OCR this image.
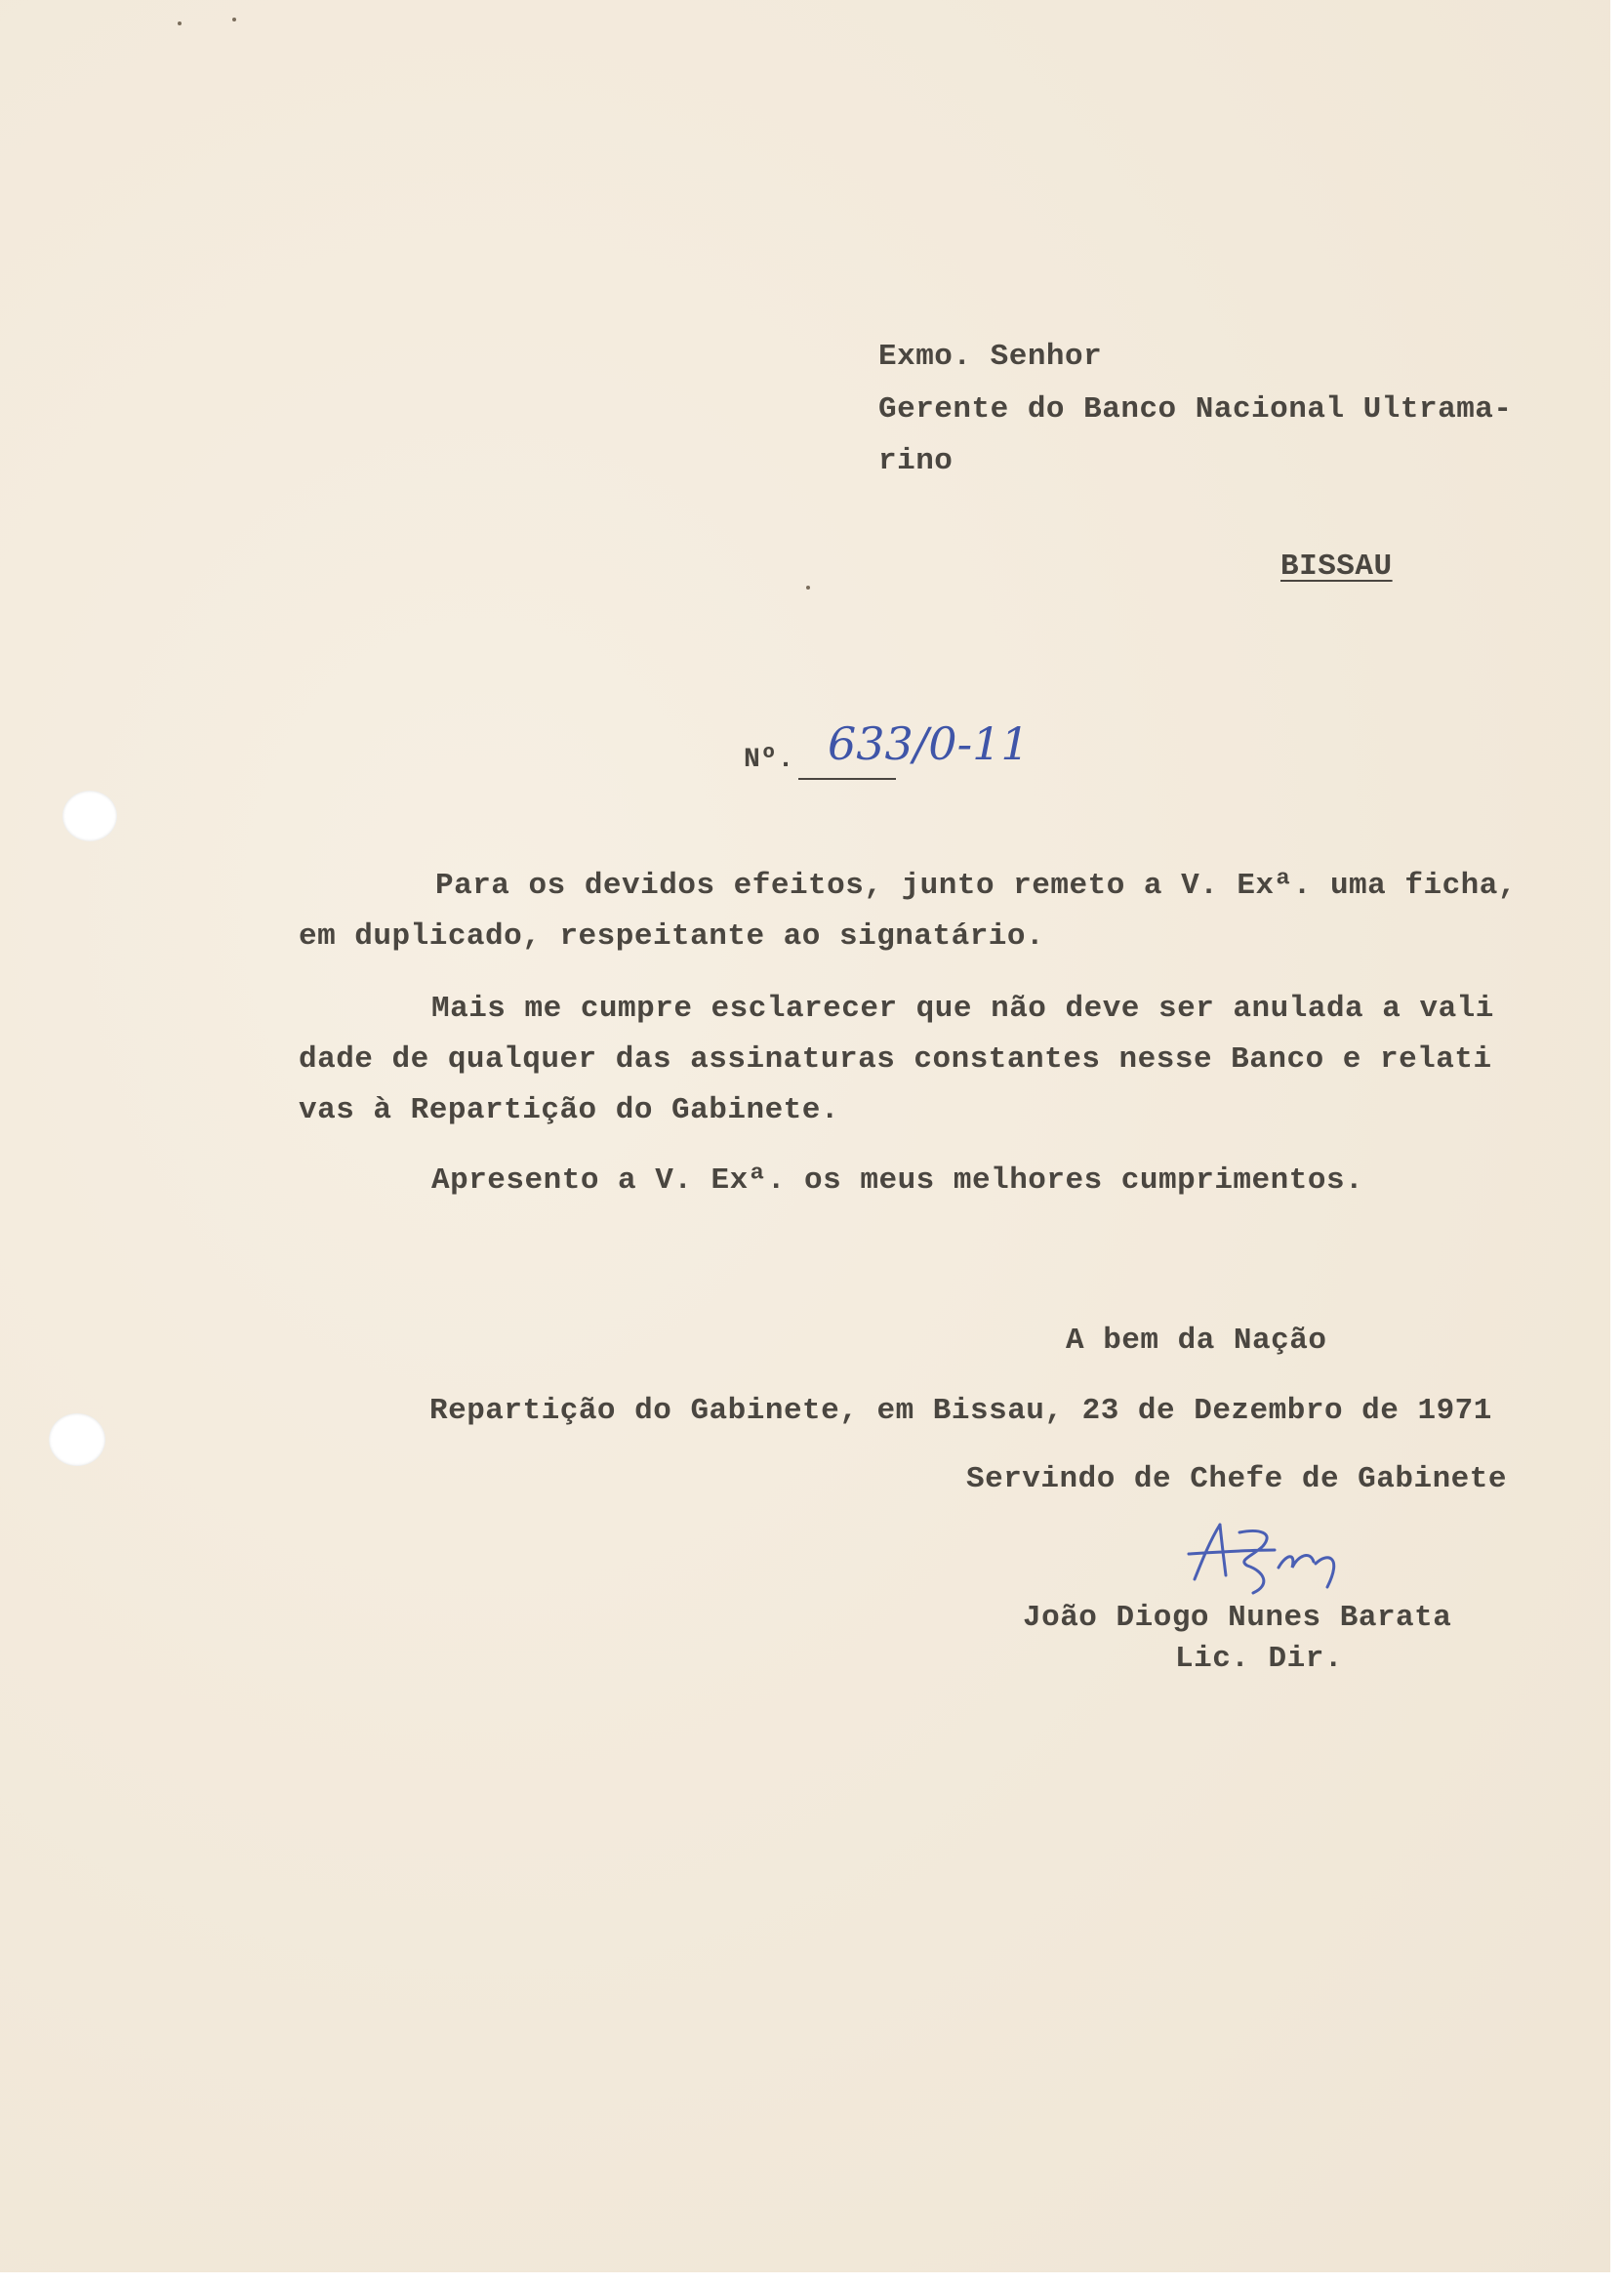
Exmo. Senhor
Gerente do Banco Nacional Ultrama-
rino
BISSAU
Nº. 633/0-11
Para os devidos efeitos, junto remeto a V. Exª. uma ficha,
em duplicado, respeitante ao signatário.
Mais me cumpre esclarecer que não deve ser anulada a vali
dade de qualquer das assinaturas constantes nesse Banco e relati
vas à Repartição do Gabinete.
Apresento a V. Exª. os meus melhores cumprimentos.
A bem da Nação
Repartição do Gabinete, em Bissau, 23 de Dezembro de 1971
Servindo de Chefe de Gabinete
João Diogo Nunes Barata
Lic. Dir.
